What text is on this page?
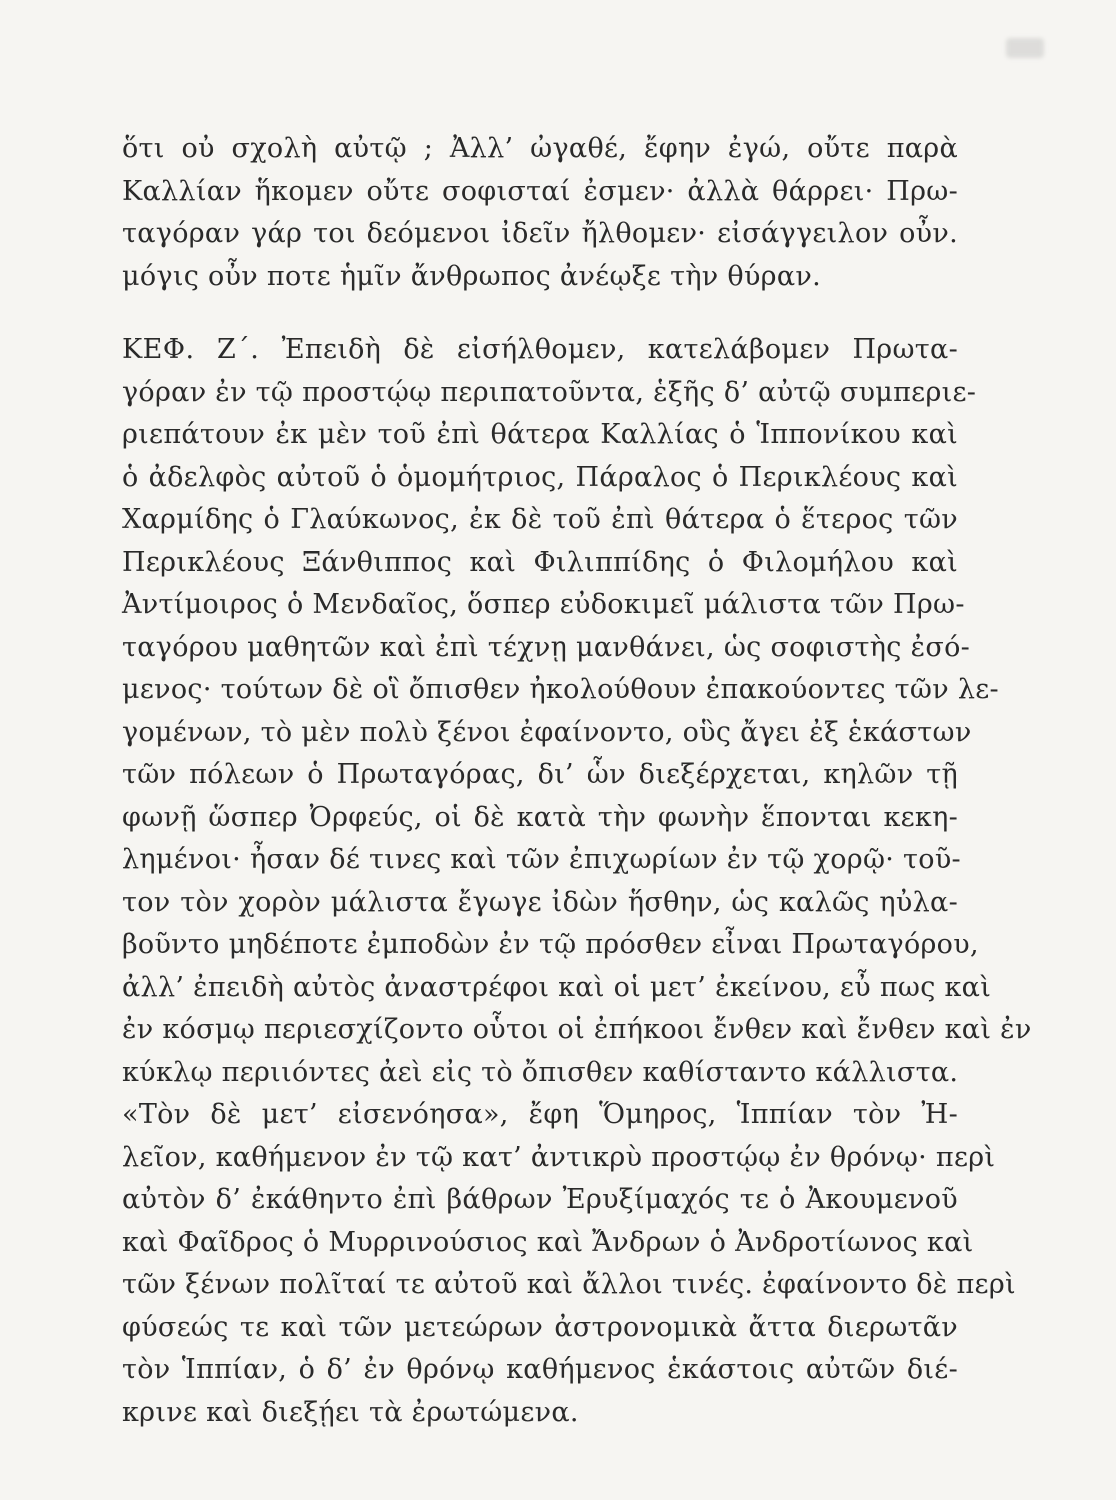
ὅτι οὐ σχολὴ αὐτῷ ; Ἀλλ’ ὠγαθέ, ἔφην ἐγώ, οὔτε παρὰ
Καλλίαν ἥκομεν οὔτε σοφισταί ἐσμεν· ἀλλὰ θάρρει· Πρω-
ταγόραν γάρ τοι δεόμενοι ἰδεῖν ἤλθομεν· εἰσάγγειλον οὖν.
μόγις οὖν ποτε ἡμῖν ἄνθρωπος ἀνέῳξε τὴν θύραν.
ΚΕΦ. Ζ΄. Ἐπειδὴ δὲ εἰσήλθομεν, κατελάβομεν Πρωτα-
γόραν ἐν τῷ προστῴῳ περιπατοῦντα, ἑξῆς δ’ αὐτῷ συμπεριε-
ριεπάτουν ἐκ μὲν τοῦ ἐπὶ θάτερα Καλλίας ὁ Ἱππονίκου καὶ
ὁ ἀδελφὸς αὐτοῦ ὁ ὁμομήτριος, Πάραλος ὁ Περικλέους καὶ
Χαρμίδης ὁ Γλαύκωνος, ἐκ δὲ τοῦ ἐπὶ θάτερα ὁ ἕτερος τῶν
Περικλέους Ξάνθιππος καὶ Φιλιππίδης ὁ Φιλομήλου καὶ
Ἀντίμοιρος ὁ Μενδαῖος, ὅσπερ εὐδοκιμεῖ μάλιστα τῶν Πρω-
ταγόρου μαθητῶν καὶ ἐπὶ τέχνῃ μανθάνει, ὡς σοφιστὴς ἐσό-
μενος· τούτων δὲ οἳ ὄπισθεν ἠκολούθουν ἐπακούοντες τῶν λε-
γομένων, τὸ μὲν πολὺ ξένοι ἐφαίνοντο, οὓς ἄγει ἐξ ἑκάστων
τῶν πόλεων ὁ Πρωταγόρας, δι’ ὧν διεξέρχεται, κηλῶν τῇ
φωνῇ ὥσπερ Ὀρφεύς, οἱ δὲ κατὰ τὴν φωνὴν ἕπονται κεκη-
λημένοι· ἦσαν δέ τινες καὶ τῶν ἐπιχωρίων ἐν τῷ χορῷ· τοῦ-
τον τὸν χορὸν μάλιστα ἔγωγε ἰδὼν ἥσθην, ὡς καλῶς ηὐλα-
βοῦντο μηδέποτε ἐμποδὼν ἐν τῷ πρόσθεν εἶναι Πρωταγόρου,
ἀλλ’ ἐπειδὴ αὐτὸς ἀναστρέφοι καὶ οἱ μετ’ ἐκείνου, εὖ πως καὶ
ἐν κόσμῳ περιεσχίζοντο οὗτοι οἱ ἐπήκοοι ἔνθεν καὶ ἔνθεν καὶ ἐν
κύκλῳ περιιόντες ἀεὶ εἰς τὸ ὄπισθεν καθίσταντο κάλλιστα.
«Τὸν δὲ μετ’ εἰσενόησα», ἔφη Ὅμηρος, Ἱππίαν τὸν Ἠ-
λεῖον, καθήμενον ἐν τῷ κατ’ ἀντικρὺ προστῴῳ ἐν θρόνῳ· περὶ
αὐτὸν δ’ ἐκάθηντο ἐπὶ βάθρων Ἐρυξίμαχός τε ὁ Ἀκουμενοῦ
καὶ Φαῖδρος ὁ Μυρρινούσιος καὶ Ἄνδρων ὁ Ἀνδροτίωνος καὶ
τῶν ξένων πολῖταί τε αὐτοῦ καὶ ἄλλοι τινές. ἐφαίνοντο δὲ περὶ
φύσεώς τε καὶ τῶν μετεώρων ἀστρονομικὰ ἄττα διερωτᾶν
τὸν Ἱππίαν, ὁ δ’ ἐν θρόνῳ καθήμενος ἑκάστοις αὐτῶν διέ-
κρινε καὶ διεξῄει τὰ ἐρωτώμενα.
